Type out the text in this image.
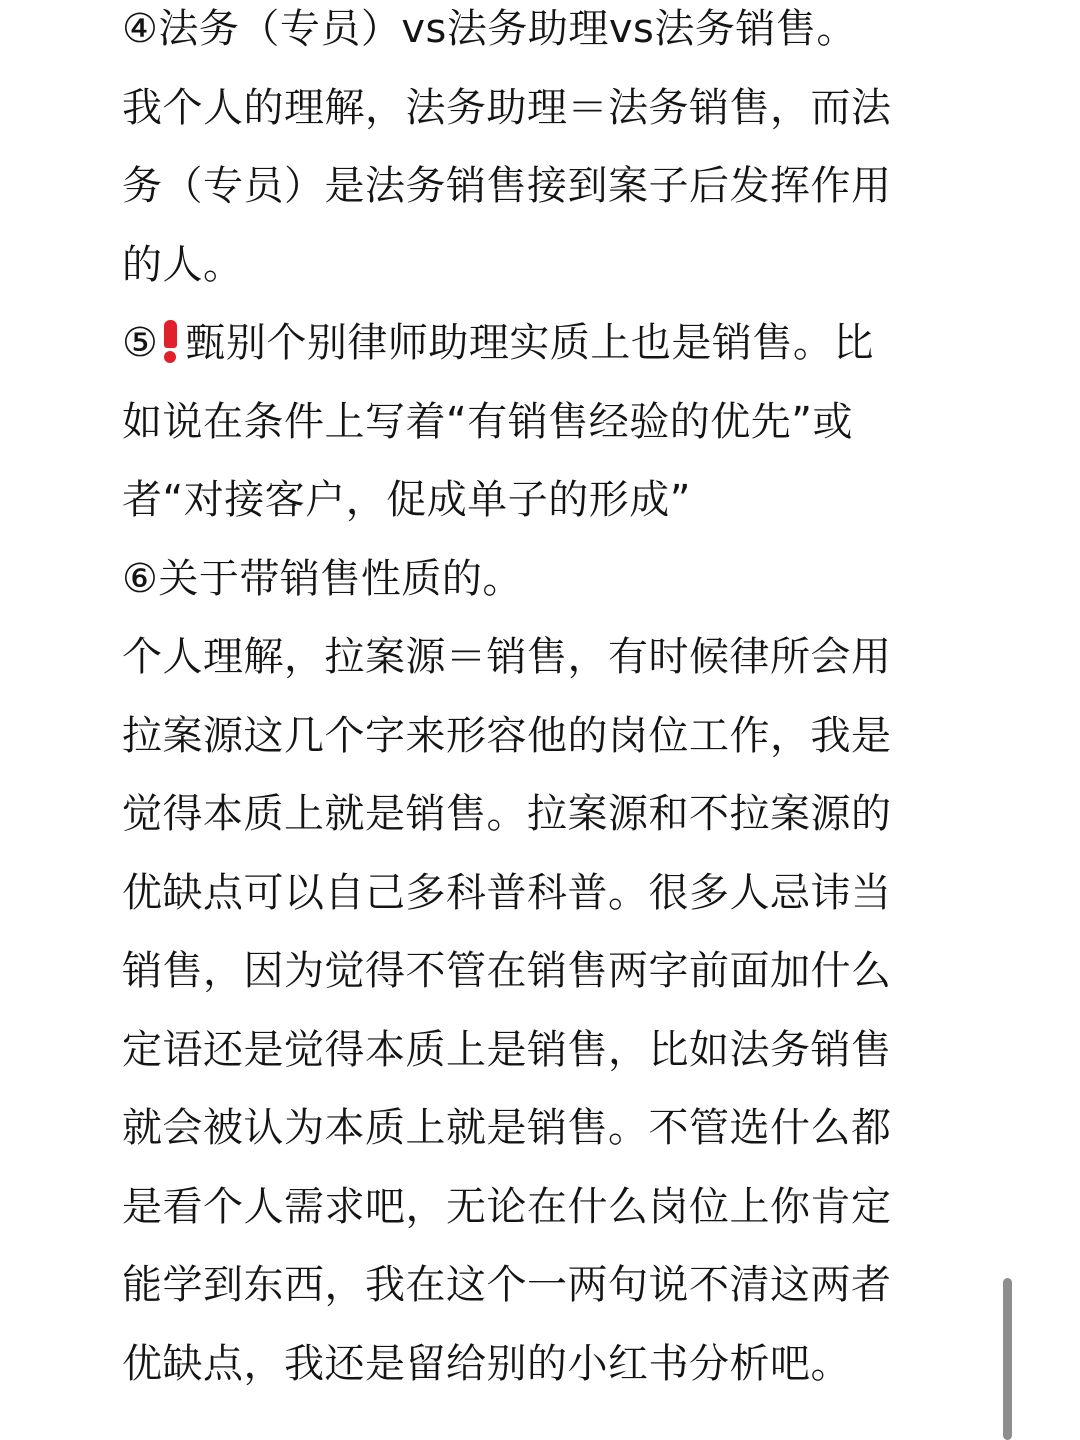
④法务（专员）vs法务助理vs法务销售。
我个人的理解，法务助理＝法务销售，而法
务（专员）是法务销售接到案子后发挥作用
的人。
⑤ 甄别个别律师助理实质上也是销售。比
如说在条件上写着“有销售经验的优先”或
者“对接客户，促成单子的形成”
⑥关于带销售性质的。
个人理解，拉案源＝销售，有时候律所会用
拉案源这几个字来形容他的岗位工作，我是
觉得本质上就是销售。拉案源和不拉案源的
优缺点可以自己多科普科普。很多人忌讳当
销售，因为觉得不管在销售两字前面加什么
定语还是觉得本质上是销售，比如法务销售
就会被认为本质上就是销售。不管选什么都
是看个人需求吧，无论在什么岗位上你肯定
能学到东西，我在这个一两句说不清这两者
优缺点，我还是留给别的小红书分析吧。
